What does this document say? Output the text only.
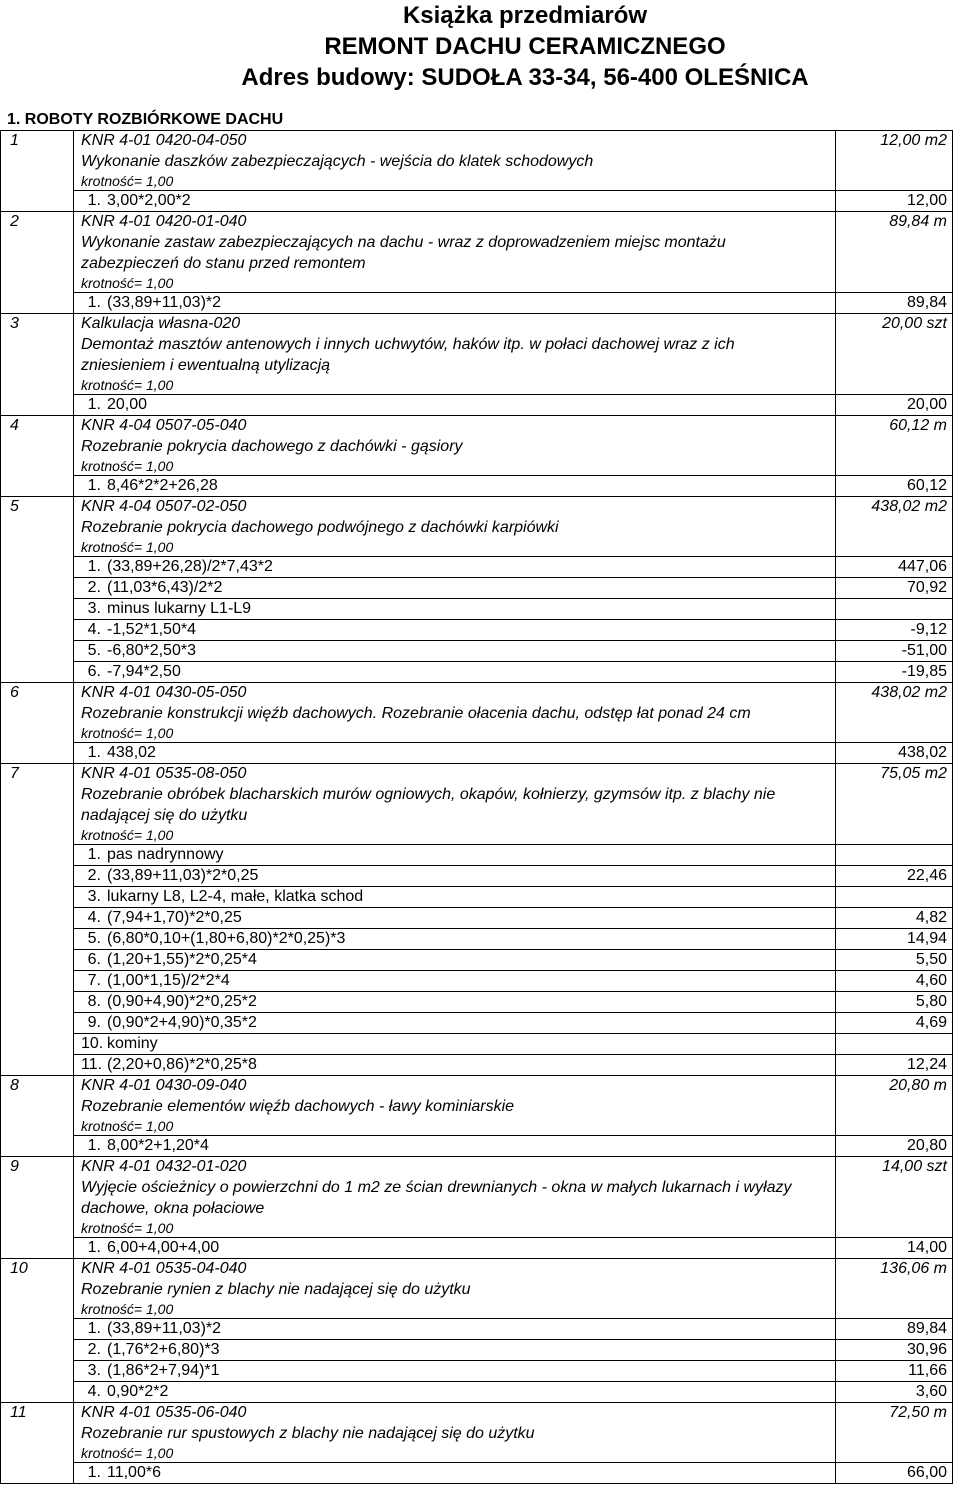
Książka przedmiarów
REMONT DACHU CERAMICZNEGO
Adres budowy: SUDOŁA 33-34, 56-400 OLEŚNICA
1. ROBOTY ROZBIÓRKOWE DACHU
1	KNR 4-01 0420-04-050	12,00 m2
Wykonanie daszków zabezpieczających - wejścia do klatek schodowych
krotność= 1,00
1. 3,00*2,00*2	12,00
2	KNR 4-01 0420-01-040	89,84 m
Wykonanie zastaw zabezpieczających na dachu - wraz z doprowadzeniem miejsc montażu zabezpieczeń do stanu przed remontem
krotność= 1,00
1. (33,89+11,03)*2	89,84
3	Kalkulacja własna-020	20,00 szt
Demontaż masztów antenowych i innych uchwytów, haków itp. w połaci dachowej wraz z ich zniesieniem i ewentualną utylizacją
krotność= 1,00
1. 20,00	20,00
4	KNR 4-04 0507-05-040	60,12 m
Rozebranie pokrycia dachowego z dachówki - gąsiory
krotność= 1,00
1. 8,46*2*2+26,28	60,12
5	KNR 4-04 0507-02-050	438,02 m2
Rozebranie pokrycia dachowego podwójnego z dachówki karpiówki
krotność= 1,00
1. (33,89+26,28)/2*7,43*2	447,06
2. (11,03*6,43)/2*2	70,92
3. minus lukarny L1-L9
4. -1,52*1,50*4	-9,12
5. -6,80*2,50*3	-51,00
6. -7,94*2,50	-19,85
6	KNR 4-01 0430-05-050	438,02 m2
Rozebranie konstrukcji więźb dachowych. Rozebranie ołacenia dachu, odstęp łat ponad 24 cm
krotność= 1,00
1. 438,02	438,02
7	KNR 4-01 0535-08-050	75,05 m2
Rozebranie obróbek blacharskich murów ogniowych, okapów, kołnierzy, gzymsów itp. z blachy nie nadającej się do użytku
krotność= 1,00
1. pas nadrynnowy
2. (33,89+11,03)*2*0,25	22,46
3. lukarny L8, L2-4, małe, klatka schod
4. (7,94+1,70)*2*0,25	4,82
5. (6,80*0,10+(1,80+6,80)*2*0,25)*3	14,94
6. (1,20+1,55)*2*0,25*4	5,50
7. (1,00*1,15)/2*2*4	4,60
8. (0,90+4,90)*2*0,25*2	5,80
9. (0,90*2+4,90)*0,35*2	4,69
10. kominy
11. (2,20+0,86)*2*0,25*8	12,24
8	KNR 4-01 0430-09-040	20,80 m
Rozebranie elementów więźb dachowych - ławy kominiarskie
krotność= 1,00
1. 8,00*2+1,20*4	20,80
9	KNR 4-01 0432-01-020	14,00 szt
Wyjęcie ościeżnicy o powierzchni do 1 m2 ze ścian drewnianych - okna w małych lukarnach i wyłazy dachowe, okna połaciowe
krotność= 1,00
1. 6,00+4,00+4,00	14,00
10	KNR 4-01 0535-04-040	136,06 m
Rozebranie rynien z blachy nie nadającej się do użytku
krotność= 1,00
1. (33,89+11,03)*2	89,84
2. (1,76*2+6,80)*3	30,96
3. (1,86*2+7,94)*1	11,66
4. 0,90*2*2	3,60
11	KNR 4-01 0535-06-040	72,50 m
Rozebranie rur spustowych z blachy nie nadającej się do użytku
krotność= 1,00
1. 11,00*6	66,00
